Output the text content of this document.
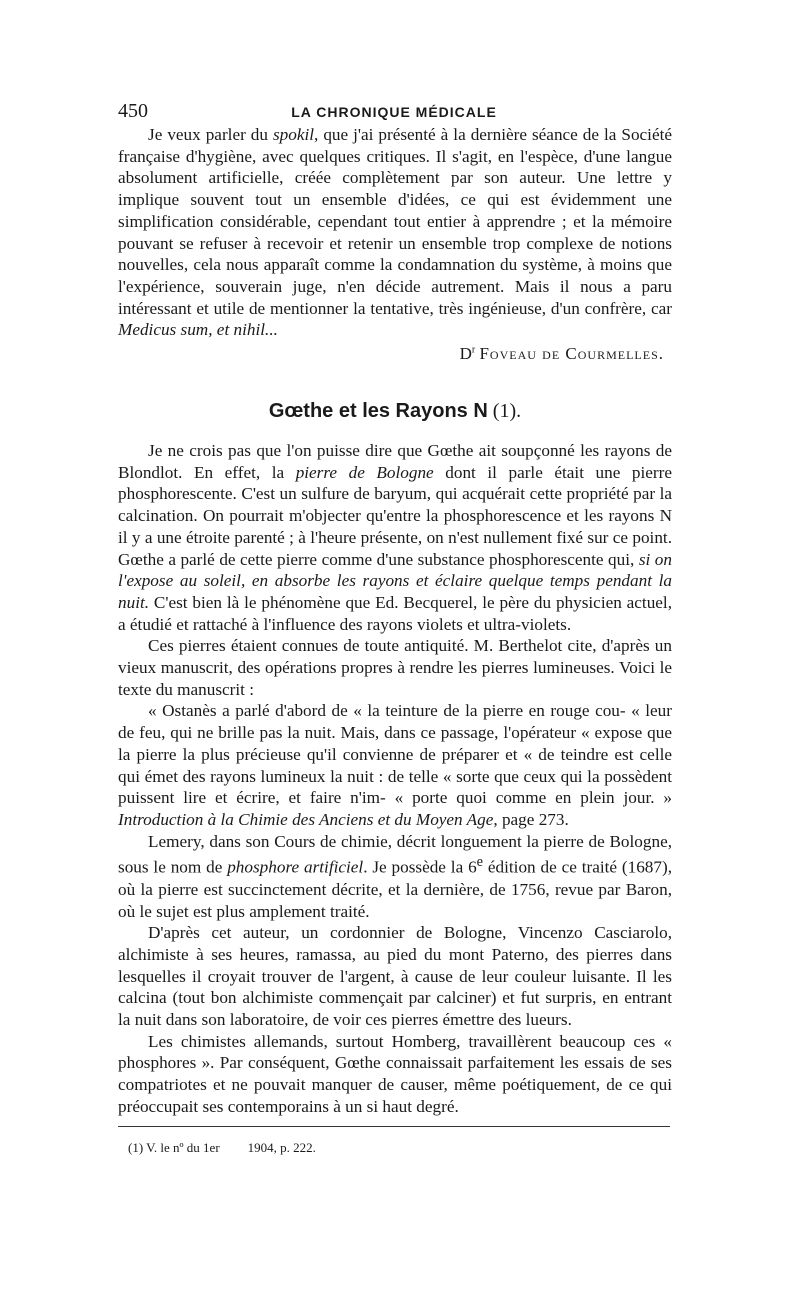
450	LA CHRONIQUE MÉDICALE

Je veux parler du spokil, que j'ai présenté à la dernière séance de la Société française d'hygiène, avec quelques critiques. Il s'agit, en l'espèce, d'une langue absolument artificielle, créée complètement par son auteur. Une lettre y implique souvent tout un ensemble d'idées, ce qui est évidemment une simplification considérable, cependant tout entier à apprendre ; et la mémoire pouvant se refuser à recevoir et retenir un ensemble trop complexe de notions nouvelles, cela nous apparaît comme la condamnation du système, à moins que l'expérience, souverain juge, n'en décide autrement. Mais il nous a paru intéressant et utile de mentionner la tentative, très ingénieuse, d'un confrère, car Medicus sum, et nihil...

$D^r$ Foveau de Courmelles.
Gœthe et les Rayons N (1).

Je ne crois pas que l'on puisse dire que Gœthe ait soupçonné les rayons de Blondlot. En effet, la pierre de Bologne dont il parle était une pierre phosphorescente. C'est un sulfure de baryum, qui acquérait cette propriété par la calcination. On pourrait m'objecter qu'entre la phosphorescence et les rayons N il y a une étroite parenté ; à l'heure présente, on n'est nullement fixé sur ce point. Gœthe a parlé de cette pierre comme d'une substance phosphorescente qui, si on l'expose au soleil, en absorbe les rayons et éclaire quelque temps pendant la nuit. C'est bien là le phénomène que Ed. Becquerel, le père du physicien actuel, a étudié et rattaché à l'influence des rayons violets et ultra-violets.

Ces pierres étaient connues de toute antiquité. M. Berthelot cite, d'après un vieux manuscrit, des opérations propres à rendre les pierres lumineuses. Voici le texte du manuscrit :

« Ostanès a parlé d'abord de « la teinture de la pierre en rouge cou- « leur de feu, qui ne brille pas la nuit. Mais, dans ce passage, l'opérateur « expose que la pierre la plus précieuse qu'il convienne de préparer et « de teindre est celle qui émet des rayons lumineux la nuit : de telle « sorte que ceux qui la possèdent puissent lire et écrire, et faire n'im- « porte quoi comme en plein jour. » Introduction à la Chimie des Anciens et du Moyen Age, page 273.

Lemery, dans son Cours de chimie, décrit longuement la pierre de Bologne, sous le nom de phosphore artificiel. Je possède la 6e édition de ce traité (1687), où la pierre est succinctement décrite, et la dernière, de 1756, revue par Baron, où le sujet est plus amplement traité.

D'après cet auteur, un cordonnier de Bologne, Vincenzo Casciarolo, alchimiste à ses heures, ramassa, au pied du mont Paterno, des pierres dans lesquelles il croyait trouver de l'argent, à cause de leur couleur luisante. Il les calcina (tout bon alchimiste commençait par calciner) et fut surpris, en entrant la nuit dans son laboratoire, de voir ces pierres émettre des lueurs.

Les chimistes allemands, surtout Homberg, travaillèrent beaucoup ces « phosphores ». Par conséquent, Gœthe connaissait parfaitement les essais de ses compatriotes et ne pouvait manquer de causer, même poétiquement, de ce qui préoccupait ses contemporains à un si haut degré.

(1) V. le nº du 1er 1904, p. 222.
